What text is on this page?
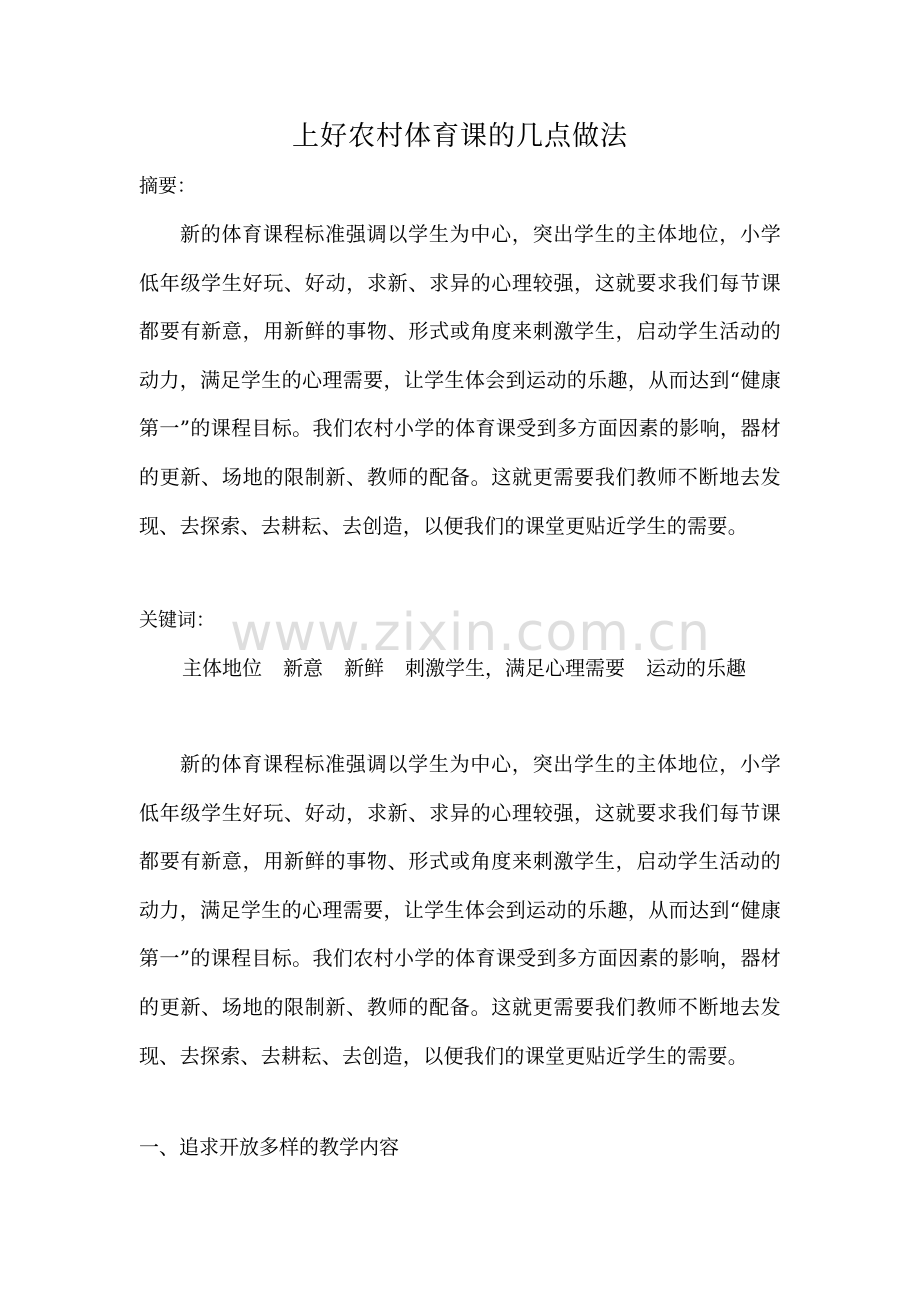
上好农村体育课的几点做法

摘要：

新的体育课程标准强调以学生为中心，突出学生的主体地位，小学低年级学生好玩、好动，求新、求异的心理较强，这就要求我们每节课都要有新意，用新鲜的事物、形式或角度来刺激学生，启动学生活动的动力，满足学生的心理需要，让学生体会到运动的乐趣，从而达到“健康第一”的课程目标。我们农村小学的体育课受到多方面因素的影响，器材的更新、场地的限制新、教师的配备。这就更需要我们教师不断地去发现、去探索、去耕耘、去创造，以便我们的课堂更贴近学生的需要。

关键词：

主体地位 新意 新鲜 刺激学生，满足心理需要 运动的乐趣

新的体育课程标准强调以学生为中心，突出学生的主体地位，小学低年级学生好玩、好动，求新、求异的心理较强，这就要求我们每节课都要有新意，用新鲜的事物、形式或角度来刺激学生，启动学生活动的动力，满足学生的心理需要，让学生体会到运动的乐趣，从而达到“健康第一”的课程目标。我们农村小学的体育课受到多方面因素的影响，器材的更新、场地的限制新、教师的配备。这就更需要我们教师不断地去发现、去探索、去耕耘、去创造，以便我们的课堂更贴近学生的需要。

一、追求开放多样的教学内容
www.zixin.com.cn
